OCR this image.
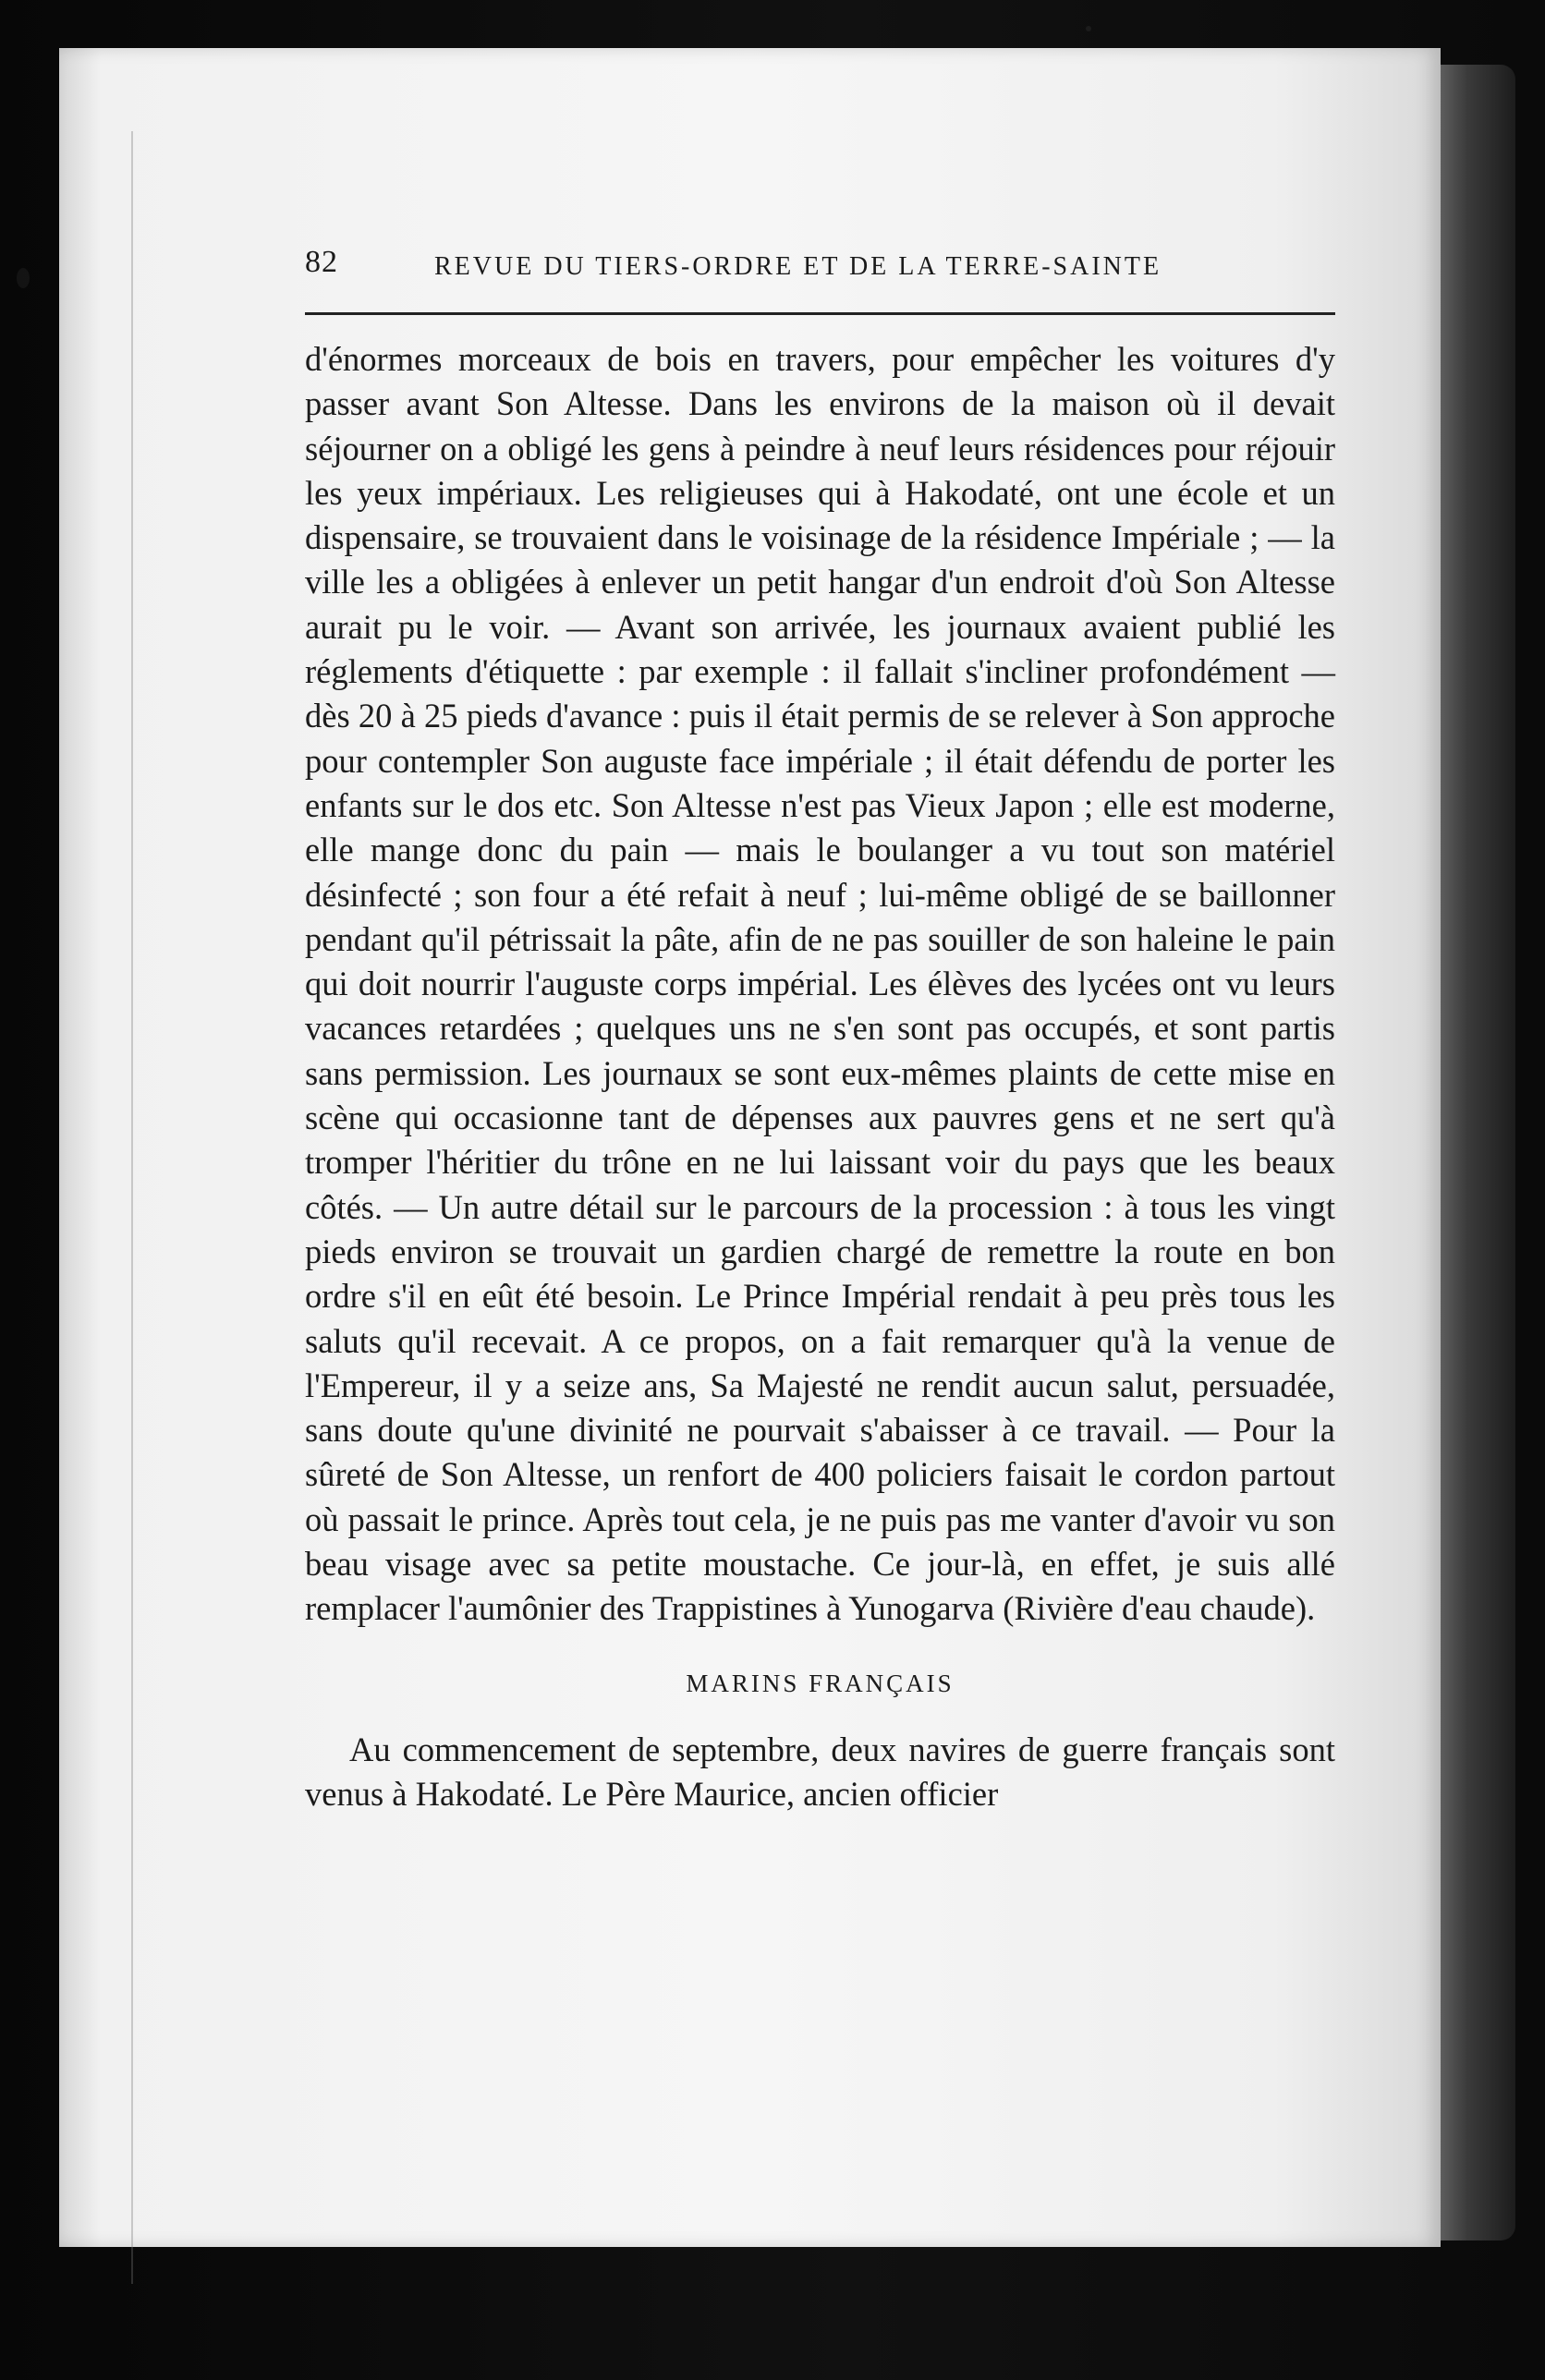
82	REVUE DU TIERS-ORDRE ET DE LA TERRE-SAINTE

d'énormes morceaux de bois en travers, pour empêcher les voitures d'y passer avant Son Altesse. Dans les environs de la maison où il devait séjourner on a obligé les gens à peindre à neuf leurs résidences pour réjouir les yeux impériaux. Les religieuses qui à Hakodaté, ont une école et un dispensaire, se trouvaient dans le voisinage de la résidence Impériale ; — la ville les a obligées à enlever un petit hangar d'un endroit d'où Son Altesse aurait pu le voir. — Avant son arrivée, les journaux avaient publié les réglements d'étiquette : par exemple : il fallait s'incliner profondément — dès 20 à 25 pieds d'avance : puis il était permis de se relever à Son approche pour contempler Son auguste face impériale ; il était défendu de porter les enfants sur le dos etc. Son Altesse n'est pas Vieux Japon ; elle est moderne, elle mange donc du pain — mais le boulanger a vu tout son matériel désinfecté ; son four a été refait à neuf ; lui-même obligé de se baillonner pendant qu'il pétrissait la pâte, afin de ne pas souiller de son haleine le pain qui doit nourrir l'auguste corps impérial. Les élèves des lycées ont vu leurs vacances retardées ; quelques uns ne s'en sont pas occupés, et sont partis sans permission. Les journaux se sont eux-mêmes plaints de cette mise en scène qui occasionne tant de dépenses aux pauvres gens et ne sert qu'à tromper l'héritier du trône en ne lui laissant voir du pays que les beaux côtés. — Un autre détail sur le parcours de la procession : à tous les vingt pieds environ se trouvait un gardien chargé de remettre la route en bon ordre s'il en eût été besoin. Le Prince Impérial rendait à peu près tous les saluts qu'il recevait. A ce propos, on a fait remarquer qu'à la venue de l'Empereur, il y a seize ans, Sa Majesté ne rendit aucun salut, persuadée, sans doute qu'une divinité ne pourvait s'abaisser à ce travail. — Pour la sûreté de Son Altesse, un renfort de 400 policiers faisait le cordon partout où passait le prince. Après tout cela, je ne puis pas me vanter d'avoir vu son beau visage avec sa petite moustache. Ce jour-là, en effet, je suis allé remplacer l'aumônier des Trappistines à Yunogarva (Rivière d'eau chaude).

MARINS FRANÇAIS

Au commencement de septembre, deux navires de guerre français sont venus à Hakodaté. Le Père Maurice, ancien officier
